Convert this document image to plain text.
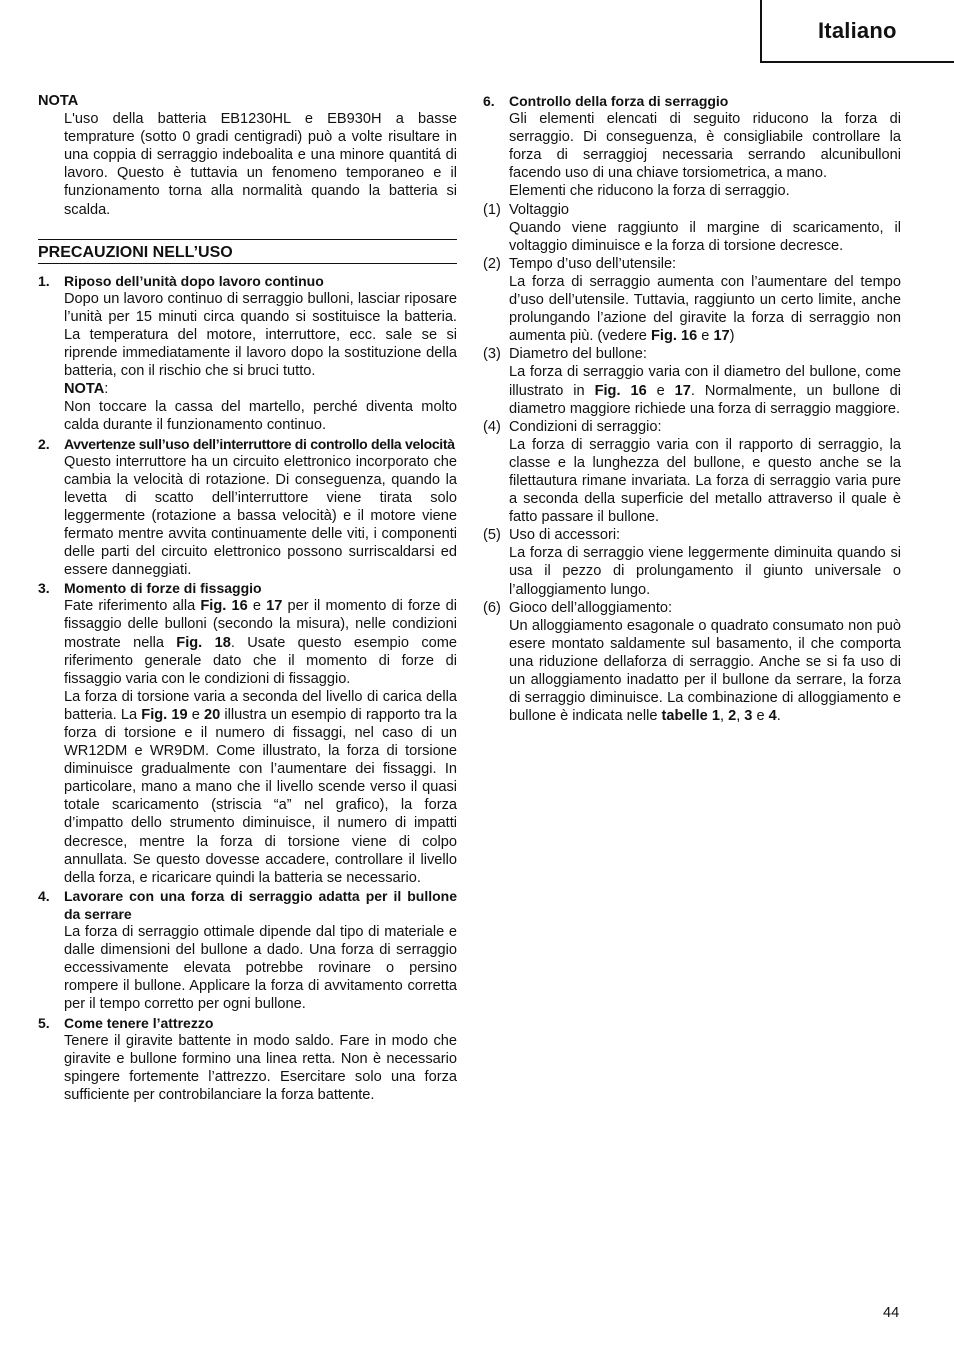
Italiano

NOTA

L'uso della batteria EB1230HL e EB930H a basse temprature (sotto 0 gradi centigradi) può a volte risultare in una coppia di serraggio indeboalita e una minore quantitá di lavoro. Questo è tuttavia un fenomeno temporaneo e il funzionamento torna alla normalità quando la batteria si scalda.

PRECAUZIONI NELL’USO
1. Riposo dell’unità dopo lavoro continuo

Dopo un lavoro continuo di serraggio bulloni, lasciar riposare l’unità per 15 minuti circa quando si sostituisce la batteria. La temperatura del motore, interruttore, ecc. sale se si riprende immediatamente il lavoro dopo la sostituzione della batteria, con il rischio che si bruci tutto.

NOTA:

Non toccare la cassa del martello, perché diventa molto calda durante il funzionamento continuo.

2. Avvertenze sull’uso dell’interruttore di controllo della velocità

Questo interruttore ha un circuito elettronico incorporato che cambia la velocità di rotazione. Di conseguenza, quando la levetta di scatto dell’interruttore viene tirata solo leggermente (rotazione a bassa velocità) e il motore viene fermato mentre avvita continuamente delle viti, i componenti delle parti del circuito elettronico possono surriscaldarsi ed essere danneggiati.

3. Momento di forze di fissaggio

Fate riferimento alla Fig. 16 e 17 per il momento di forze di fissaggio delle bulloni (secondo la misura), nelle condizioni mostrate nella Fig. 18. Usate questo esempio come riferimento generale dato che il momento di forze di fissaggio varia con le condizioni di fissaggio.

La forza di torsione varia a seconda del livello di carica della batteria. La Fig. 19 e 20 illustra un esempio di rapporto tra la forza di torsione e il numero di fissaggi, nel caso di un WR12DM e WR9DM. Come illustrato, la forza di torsione diminuisce gradualmente con l’aumentare dei fissaggi. In particolare, mano a mano che il livello scende verso il quasi totale scaricamento (striscia “a” nel grafico), la forza d’impatto dello strumento diminuisce, il numero di impatti decresce, mentre la forza di torsione viene di colpo annullata. Se questo dovesse accadere, controllare il livello della forza, e ricaricare quindi la batteria se necessario.

4. Lavorare con una forza di serraggio adatta per il bullone da serrare

La forza di serraggio ottimale dipende dal tipo di materiale e dalle dimensioni del bullone a dado. Una forza di serraggio eccessivamente elevata potrebbe rovinare o persino rompere il bullone. Applicare la forza di avvitamento corretta per il tempo corretto per ogni bullone.

5. Come tenere l’attrezzo

Tenere il giravite battente in modo saldo. Fare in modo che giravite e bullone formino una linea retta. Non è necessario spingere fortemente l’attrezzo. Esercitare solo una forza sufficiente per controbilanciare la forza battente.

6. Controllo della forza di serraggio

Gli elementi elencati di seguito riducono la forza di serraggio. Di conseguenza, è consigliabile controllare la forza di serraggioj necessaria serrando alcunibulloni facendo uso di una chiave torsiometrica, a mano.

Elementi che riducono la forza di serraggio.

(1) Voltaggio

Quando viene raggiunto il margine di scaricamento, il voltaggio diminuisce e la forza di torsione decresce.

(2) Tempo d’uso dell’utensile:

La forza di serraggio aumenta con l’aumentare del tempo d’uso dell’utensile. Tuttavia, raggiunto un certo limite, anche prolungando l’azione del giravite la forza di serraggio non aumenta più. (vedere Fig. 16 e 17)

(3) Diametro del bullone:

La forza di serraggio varia con il diametro del bullone, come illustrato in Fig. 16 e 17. Normalmente, un bullone di diametro maggiore richiede una forza di serraggio maggiore.

(4) Condizioni di serraggio:

La forza di serraggio varia con il rapporto di serraggio, la classe e la lunghezza del bullone, e questo anche se la filettautura rimane invariata. La forza di serraggio varia pure a seconda della superficie del metallo attraverso il quale è fatto passare il bullone.

(5) Uso di accessori:

La forza di serraggio viene leggermente diminuita quando si usa il pezzo di prolungamento il giunto universale o l’alloggiamento lungo.

(6) Gioco dell’alloggiamento:

Un alloggiamento esagonale o quadrato consumato non può esere montato saldamente sul basamento, il che comporta una riduzione dellaforza di serraggio. Anche se si fa uso di un alloggiamento inadatto per il bullone da serrare, la forza di serraggio diminuisce. La combinazione di alloggiamento e bullone è indicata nelle tabelle 1, 2, 3 e 4.

44
